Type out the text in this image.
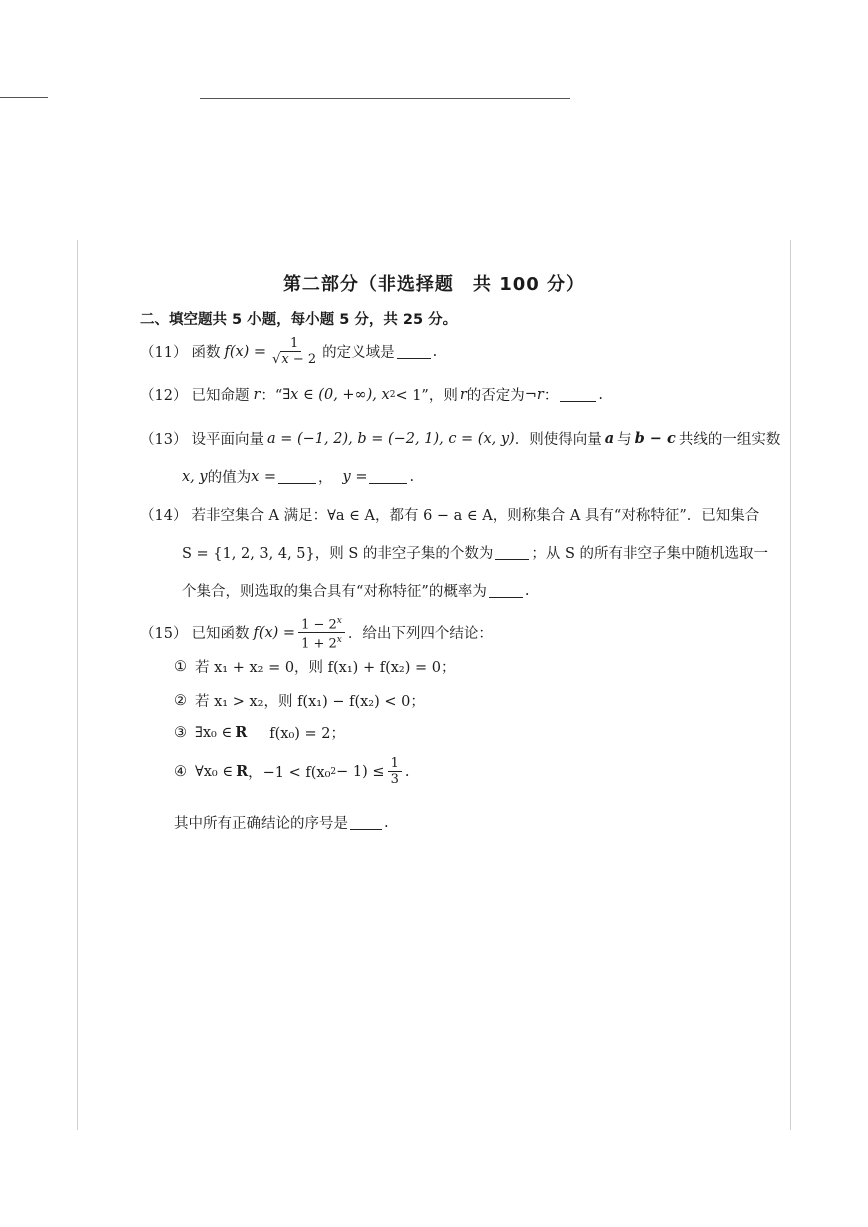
第二部分（非选择题　共 100 分）
二、填空题共 5 小题，每小题 5 分，共 25 分。
（11） 函数 $f(x) = \frac{1}{√x - 2}$ 的定义域是	.
（12） 已知命题 r ：“ ∃x ∈ (0, +∞), x 2 < 1”，则 r 的否定为 ¬r ：	.
（13） 设平面向量 a = (−1, 2), b = (−2, 1), c = (x, y) ．则使得向量 a 与 b − c 共线的一组实数
x, y 的值为 x =	， y =	.
（14） 若非空集合 A 满足：∀a ∈ A，都有 6 − a ∈ A，则称集合 A 具有“对称特征”．已知集合
S = {1, 2, 3, 4, 5}，则 S 的非空子集的个数为	；从 S 的所有非空子集中随机选取一
个集合，则选取的集合具有“对称特征”的概率为	.
（15） 已知函数 $f(x) = \frac{1 - 2^x}{1 + 2^x}$ ．给出下列四个结论：
① 若 x₁ + x₂ = 0，则 f(x₁) + f(x₂) = 0；
② 若 x₁ > x₂，则 f(x₁) − f(x₂) < 0；
③ ∃x₀ ∈ R f(x₀) = 2；
④ ∀x₀ ∈ R ，−1 < f(x₀ $2 - 1) \le \frac{1}{3}$ .
其中所有正确结论的序号是 .
